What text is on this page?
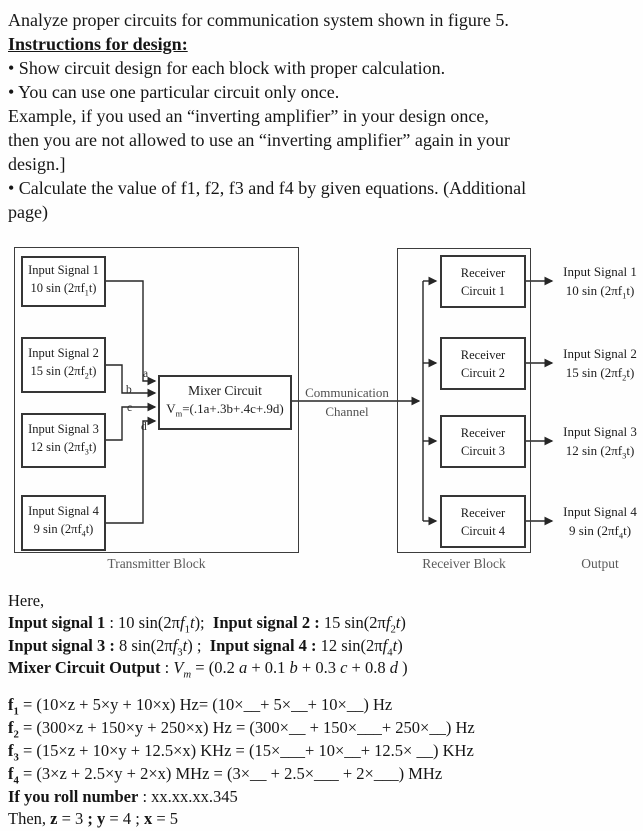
Analyze proper circuits for communication system shown in figure 5.

Instructions for design:

• Show circuit design for each block with proper calculation.

• You can use one particular circuit only once.

Example, if you used an “inverting amplifier” in your design once,

then you are not allowed to use an “inverting amplifier” again in your

design.]

• Calculate the value of f1, f2, f3 and f4 by given equations. (Additional

page)

Input Signal 1
10 $\sin (2\pi f_1t)$
Input Signal 2
15 $\sin (2\pi f_2t)$
Input Signal 3
12 $\sin (2\pi f_3t)$
Input Signal 4
9 $\sin (2\pi f_4t)$
Mixer Circuit
$V_m=(.1a+.3b+.4c+.9d)$
a
b
c
d
Communication
Channel
Receiver
Circuit 1
Receiver
Circuit 2
Receiver
Circuit 3
Receiver
Circuit 4
Input Signal 1
10 $\sin (2\pi f_1t)$
Input Signal 2
15 $\sin (2\pi f_2t)$
Input Signal 3
12 $\sin (2\pi f_3t)$
Input Signal 4
9 $\sin (2\pi f_4t)$
Transmitter Block	Receiver Block	Output

Here,

Input signal 1 : 10 $\sin(2\pi f_1t)$;  Input signal 2 : 15 $\sin(2\pi f_2t)$

Input signal 3 : 8 $\sin(2\pi f_3t)$ ;  Input signal 4 : 12 $\sin(2\pi f_4t)$

Mixer Circuit Output : $V_m = (0.2$ a + 0.1 b + 0.3 c + 0.8 d )

$f_1 = (10\times z + 5\times y + 10\times x)$ Hz= (10×__+ 5×__+ 10×__) Hz

$f_2 = (300\times z + 150\times y + 250\times x) Hz$ = (300×__ + 150×___+ 250×__) Hz

$f_3 = (15\times z + 10\times y + 12.5\times x)$ KHz = (15×___+ 10×__+ 12.5× __) KHz

$f_4 = (3\times z + 2.5\times y + 2\times x)$ MHz = (3×__ + 2.5×___ + 2×___) MHz

If you roll number : xx.xx.xx.345

Then, z = 3 ; y = 4 ; x = 5
